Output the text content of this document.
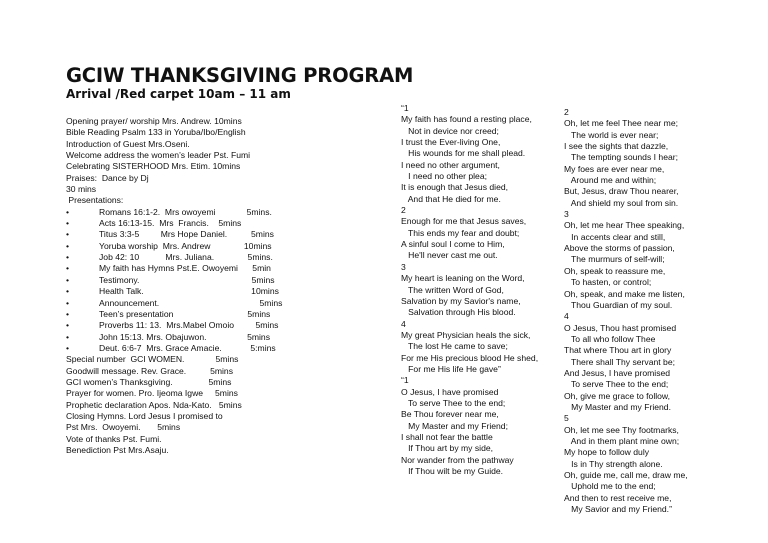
GCIW THANKSGIVING PROGRAM
Arrival /Red carpet 10am – 11 am
Opening prayer/ worship Mrs. Andrew. 10mins
Bible Reading Psalm 133 in Yoruba/Ibo/English
Introduction of Guest Mrs.Oseni.
Welcome address the women’s leader Pst. Fumi
Celebrating SISTERHOOD Mrs. Etim. 10mins
Praises:  Dance by Dj
30 mins
Presentations:
•	Romans 16:1-2.  Mrs owoyemi             5mins.
•	Acts 16:13-15.  Mrs  Francis.    5mins
•	Titus 3:3-5         Mrs Hope Daniel.          5mins
•	Yoruba worship  Mrs. Andrew              10mins
•	Job 42: 10           Mrs. Juliana.              5mins.
•	My faith has Hymns Pst.E. Owoyemi      5min
•	Testimony.                                               5mins
•	Health Talk.                                             10mins
•	Announcement.                                          5mins
•	Teen’s presentation                               5mins
•	Proverbs 11: 13.  Mrs.Mabel Omoio         5mins
•	John 15:13. Mrs. Obajuwon.                 5mins
•	Deut. 6:6-7  Mrs. Grace Amacie.            5:mins
Special number  GCI WOMEN.             5mins
Goodwill message. Rev. Grace.          5mins
GCI women’s Thanksgiving.               5mins
Prayer for women. Pro. Ijeoma Igwe     5mins
Prophetic declaration Apos. Nda-Kato.   5mins
Closing Hymns. Lord Jesus I promised to
Pst Mrs.  Owoyemi.       5mins
Vote of thanks Pst. Fumi.
Benediction Pst Mrs.Asaju.
“1
My faith has found a resting place,
Not in device nor creed;
I trust the Ever-living One,
His wounds for me shall plead.
I need no other argument,
I need no other plea;
It is enough that Jesus died,
And that He died for me.
2
Enough for me that Jesus saves,
This ends my fear and doubt;
A sinful soul I come to Him,
He'll never cast me out.
3
My heart is leaning on the Word,
The written Word of God,
Salvation by my Savior's name,
Salvation through His blood.
4
My great Physician heals the sick,
The lost He came to save;
For me His precious blood He shed,
For me His life He gave”
“1
O Jesus, I have promised
To serve Thee to the end;
Be Thou forever near me,
My Master and my Friend;
I shall not fear the battle
If Thou art by my side,
Nor wander from the pathway
If Thou wilt be my Guide.
2
Oh, let me feel Thee near me;
The world is ever near;
I see the sights that dazzle,
The tempting sounds I hear;
My foes are ever near me,
Around me and within;
But, Jesus, draw Thou nearer,
And shield my soul from sin.
3
Oh, let me hear Thee speaking,
In accents clear and still,
Above the storms of passion,
The murmurs of self-will;
Oh, speak to reassure me,
To hasten, or control;
Oh, speak, and make me listen,
Thou Guardian of my soul.
4
O Jesus, Thou hast promised
To all who follow Thee
That where Thou art in glory
There shall Thy servant be;
And Jesus, I have promised
To serve Thee to the end;
Oh, give me grace to follow,
My Master and my Friend.
5
Oh, let me see Thy footmarks,
And in them plant mine own;
My hope to follow duly
Is in Thy strength alone.
Oh, guide me, call me, draw me,
Uphold me to the end;
And then to rest receive me,
My Savior and my Friend.”
